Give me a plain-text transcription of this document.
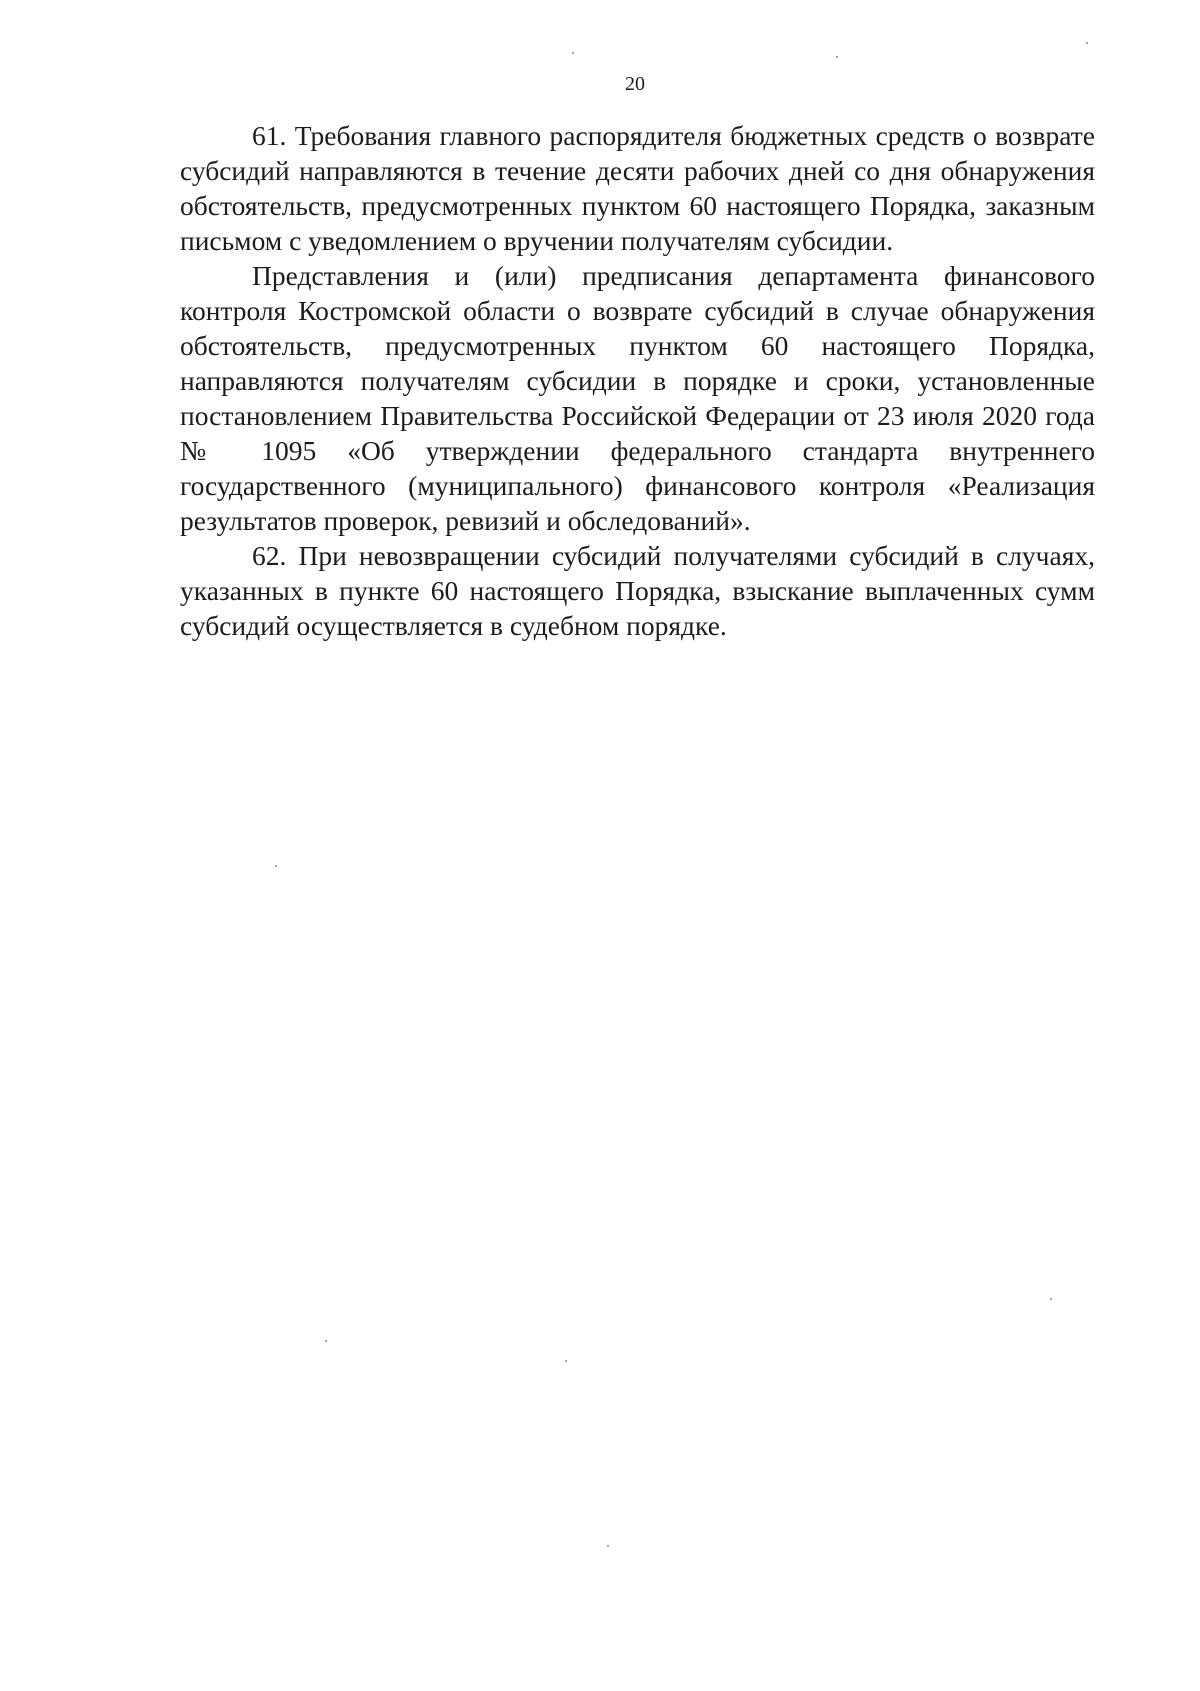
20

61. Требования главного распорядителя бюджетных средств о возврате субсидий направляются в течение десяти рабочих дней со дня обнаружения обстоятельств, предусмотренных пунктом 60 настоящего Порядка, заказным письмом с уведомлением о вручении получателям субсидии.

Представления и (или) предписания департамента финансового контроля Костромской области о возврате субсидий в случае обнаружения обстоятельств, предусмотренных пунктом 60 настоящего Порядка, направляются получателям субсидии в порядке и сроки, установленные постановлением Правительства Российской Федерации от 23 июля 2020 года № 1095 «Об утверждении федерального стандарта внутреннего государственного (муниципального) финансового контроля «Реализация результатов проверок, ревизий и обследований».

62. При невозвращении субсидий получателями субсидий в случаях, указанных в пункте 60 настоящего Порядка, взыскание выплаченных сумм субсидий осуществляется в судебном порядке.
